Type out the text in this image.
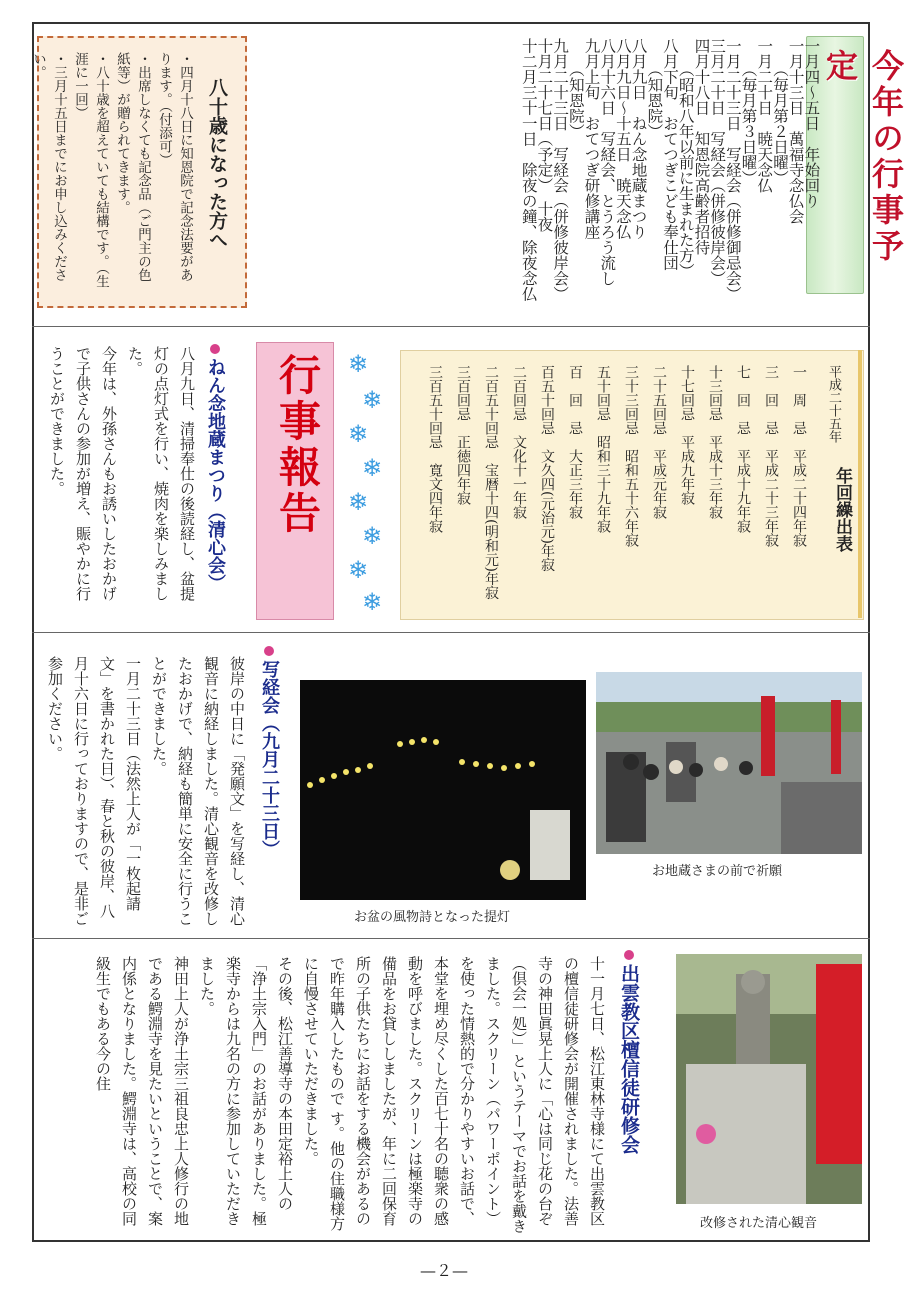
今年の行事予定
一月四〜五日　年始回り
一月十三日　萬福寺念仏会
　　（毎月第２日曜）
一月二十日　暁天念仏
　　（毎月第３日曜）
一月二十三日　写経会（併修御忌会）
三月二十日　写経会（併修彼岸会）
四月十八日　知恩院高齢者招待
　　（昭和八年以前に生まれた方）
八月下旬　おてつぎこども奉仕団
　　（知恩院）
八月九日　ねん念地蔵まつり
八月九日〜十五日　暁天念仏
八月十六日　写経会、とうろう流し
九月上旬　おてつぎ研修講座
　　（知恩院）
九月二十三日　写経会（併修彼岸会）
十月二十七日（予定）　十夜
十二月三十一日　除夜の鐘、除夜念仏
八十歳になった方へ
・四月十八日に知恩院で記念法要があります。（付添可）
・出席しなくても記念品（ご門主の色紙等）が贈られてきます。
・八十歳を超えていても結構です。（生涯に一回）
・三月十五日までにお申し込みください。
平成二十五年
年回繰出表
一　周　忌　平成二十四年寂
三　回　忌　平成二十三年寂
七　回　忌　平成十九年寂
十三回忌　平成十三年寂
十七回忌　平成九年寂
二十五回忌　平成元年寂
三十三回忌　昭和五十六年寂
五十回忌　昭和三十九年寂
百　回　忌　大正三年寂
百五十回忌　文久四(元治元)年寂
二百回忌　文化十一年寂
二百五十回忌　宝暦十四(明和元)年寂
三百回忌　正徳四年寂
三百五十回忌　寛文四年寂
❄
❄
❄
❄
❄
❄
❄
❄
行事報告
ねん念地蔵まつり（清心会）

八月九日、清掃奉仕の後読経し、盆提灯の点灯式を行い、焼肉を楽しみました。

今年は、外孫さんもお誘いしたおかげで子供さんの参加が増え、賑やかに行うことができました。

お地蔵さまの前で祈願
お盆の風物詩となった提灯
写経会（九月二十三日）

彼岸の中日に「発願文」を写経し、清心観音に納経しました。清心観音を改修したおかげで、納経も簡単に安全に行うことができました。

一月二十三日（法然上人が「一枚起請文」を書かれた日）、春と秋の彼岸、八月十六日に行っておりますので、是非ご参加ください。

改修された清心観音
出雲教区檀信徒研修会

十一月七日、松江東林寺様にて出雲教区の檀信徒研修会が開催されました。法善寺の神田眞晃上人に「心は同じ花の台ぞ（倶会一処）」というテーマでお話を戴きました。スクリーン（パワーポイント）を使った情熱的で分かりやすいお話で、本堂を埋め尽くした百七十名の聴衆の感動を呼びました。スクリーンは極楽寺の備品をお貸ししましたが、年に二回保育所の子供たちにお話をする機会があるので昨年購入したもので す。他の住職様方に自慢させていただきました。

その後、松江善導寺の本田定裕上人の「浄土宗入門」のお話がありました。極楽寺からは九名の方に参加していただきました。

神田上人が浄土宗三祖良忠上人修行の地である鰐淵寺を見たいということで、案内係となりました。鰐淵寺は、高校の同級生でもある今の住

—２—
